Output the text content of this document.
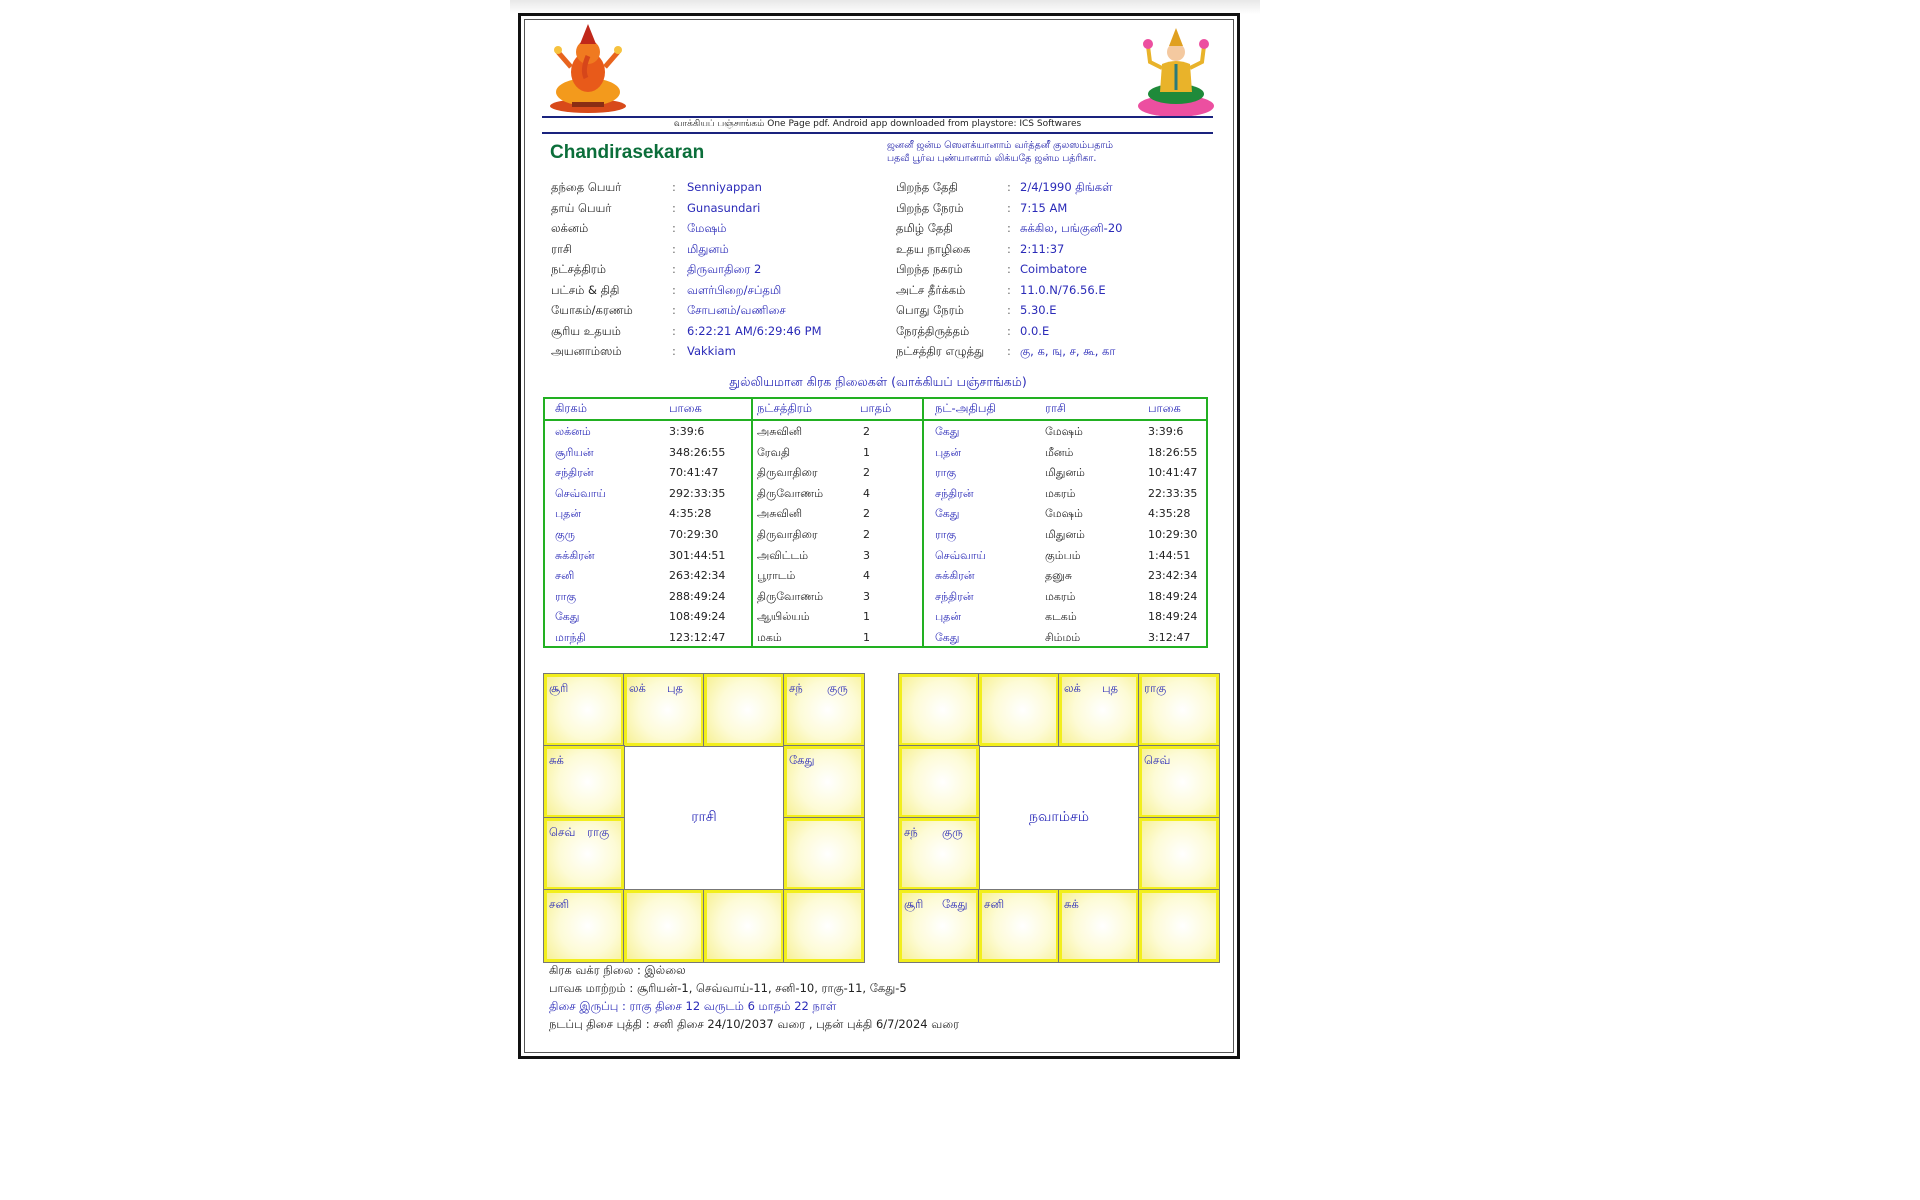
வாக்கியப் பஞ்சாங்கம் One Page pdf. Android app downloaded from playstore: ICS Softwares
Chandirasekaran	ஜனனீ ஜன்ம ஸௌக்யானாம் வர்த்தனீ குலஸம்பதாம்
பதவீ பூர்வ புண்யானாம் லிக்யதே ஜன்ம பத்ரிகா.
தந்தை பெயர்	: Senniyappan
தாய் பெயர்	: Gunasundari
லக்னம்	: மேஷம்
ராசி	: மிதுனம்
நட்சத்திரம்	: திருவாதிரை 2
பட்சம் & திதி	: வளர்பிறை/சப்தமி
யோகம்/கரணம்	: சோபனம்/வணிசை
சூரிய உதயம்	: 6:22:21 AM/6:29:46 PM
அயனாம்ஸம்	: Vakkiam
பிறந்த தேதி	: 2/4/1990 திங்கள்
பிறந்த நேரம்	: 7:15 AM
தமிழ் தேதி	: சுக்கில, பங்குனி-20
உதய நாழிகை	: 2:11:37
பிறந்த நகரம்	: Coimbatore
அட்ச தீர்க்கம்	: 11.0.N/76.56.E
பொது நேரம்	: 5.30.E
நேரத்திருத்தம்	: 0.0.E
நட்சத்திர எழுத்து : கு, க, ஙு, ச, கூ, கா
துல்லியமான கிரக நிலைகள் (வாக்கியப் பஞ்சாங்கம்)
கிரகம்	பாகை	நட்சத்திரம்	பாதம்	நட்-அதிபதி	ராசி	பாகை
லக்னம்	3:39:6	அசுவினி	2	கேது	மேஷம்	3:39:6
சூரியன்	348:26:55	ரேவதி	1	புதன்	மீனம்	18:26:55
சந்திரன்	70:41:47	திருவாதிரை	2	ராகு	மிதுனம்	10:41:47
செவ்வாய்	292:33:35	திருவோணம்	4	சந்திரன்	மகரம்	22:33:35
புதன்	4:35:28	அசுவினி	2	கேது	மேஷம்	4:35:28
குரு	70:29:30	திருவாதிரை	2	ராகு	மிதுனம்	10:29:30
சுக்கிரன்	301:44:51	அவிட்டம்	3	செவ்வாய்	கும்பம்	1:44:51
சனி	263:42:34	பூராடம்	4	சுக்கிரன்	தனுசு	23:42:34
ராகு	288:49:24	திருவோணம்	3	சந்திரன்	மகரம்	18:49:24
கேது	108:49:24	ஆயில்யம்	1	புதன்	கடகம்	18:49:24
மாந்தி	123:12:47	மகம்	1	கேது	சிம்மம்	3:12:47
ராசி
சூரி	லக் புத	சந் குரு
சுக்	கேது
செவ் ராகு
சனி
நவாம்சம்
லக் புத ராகு
செவ்
சந் குரு
சூரி கேது சனி	சுக்
கிரக வக்ர நிலை : இல்லை
பாவக மாற்றம் : சூரியன்-1, செவ்வாய்-11, சனி-10, ராகு-11, கேது-5
திசை இருப்பு : ராகு திசை 12 வருடம் 6 மாதம் 22 நாள்
நடப்பு திசை புத்தி : சனி திசை 24/10/2037 வரை , புதன் புக்தி 6/7/2024 வரை
